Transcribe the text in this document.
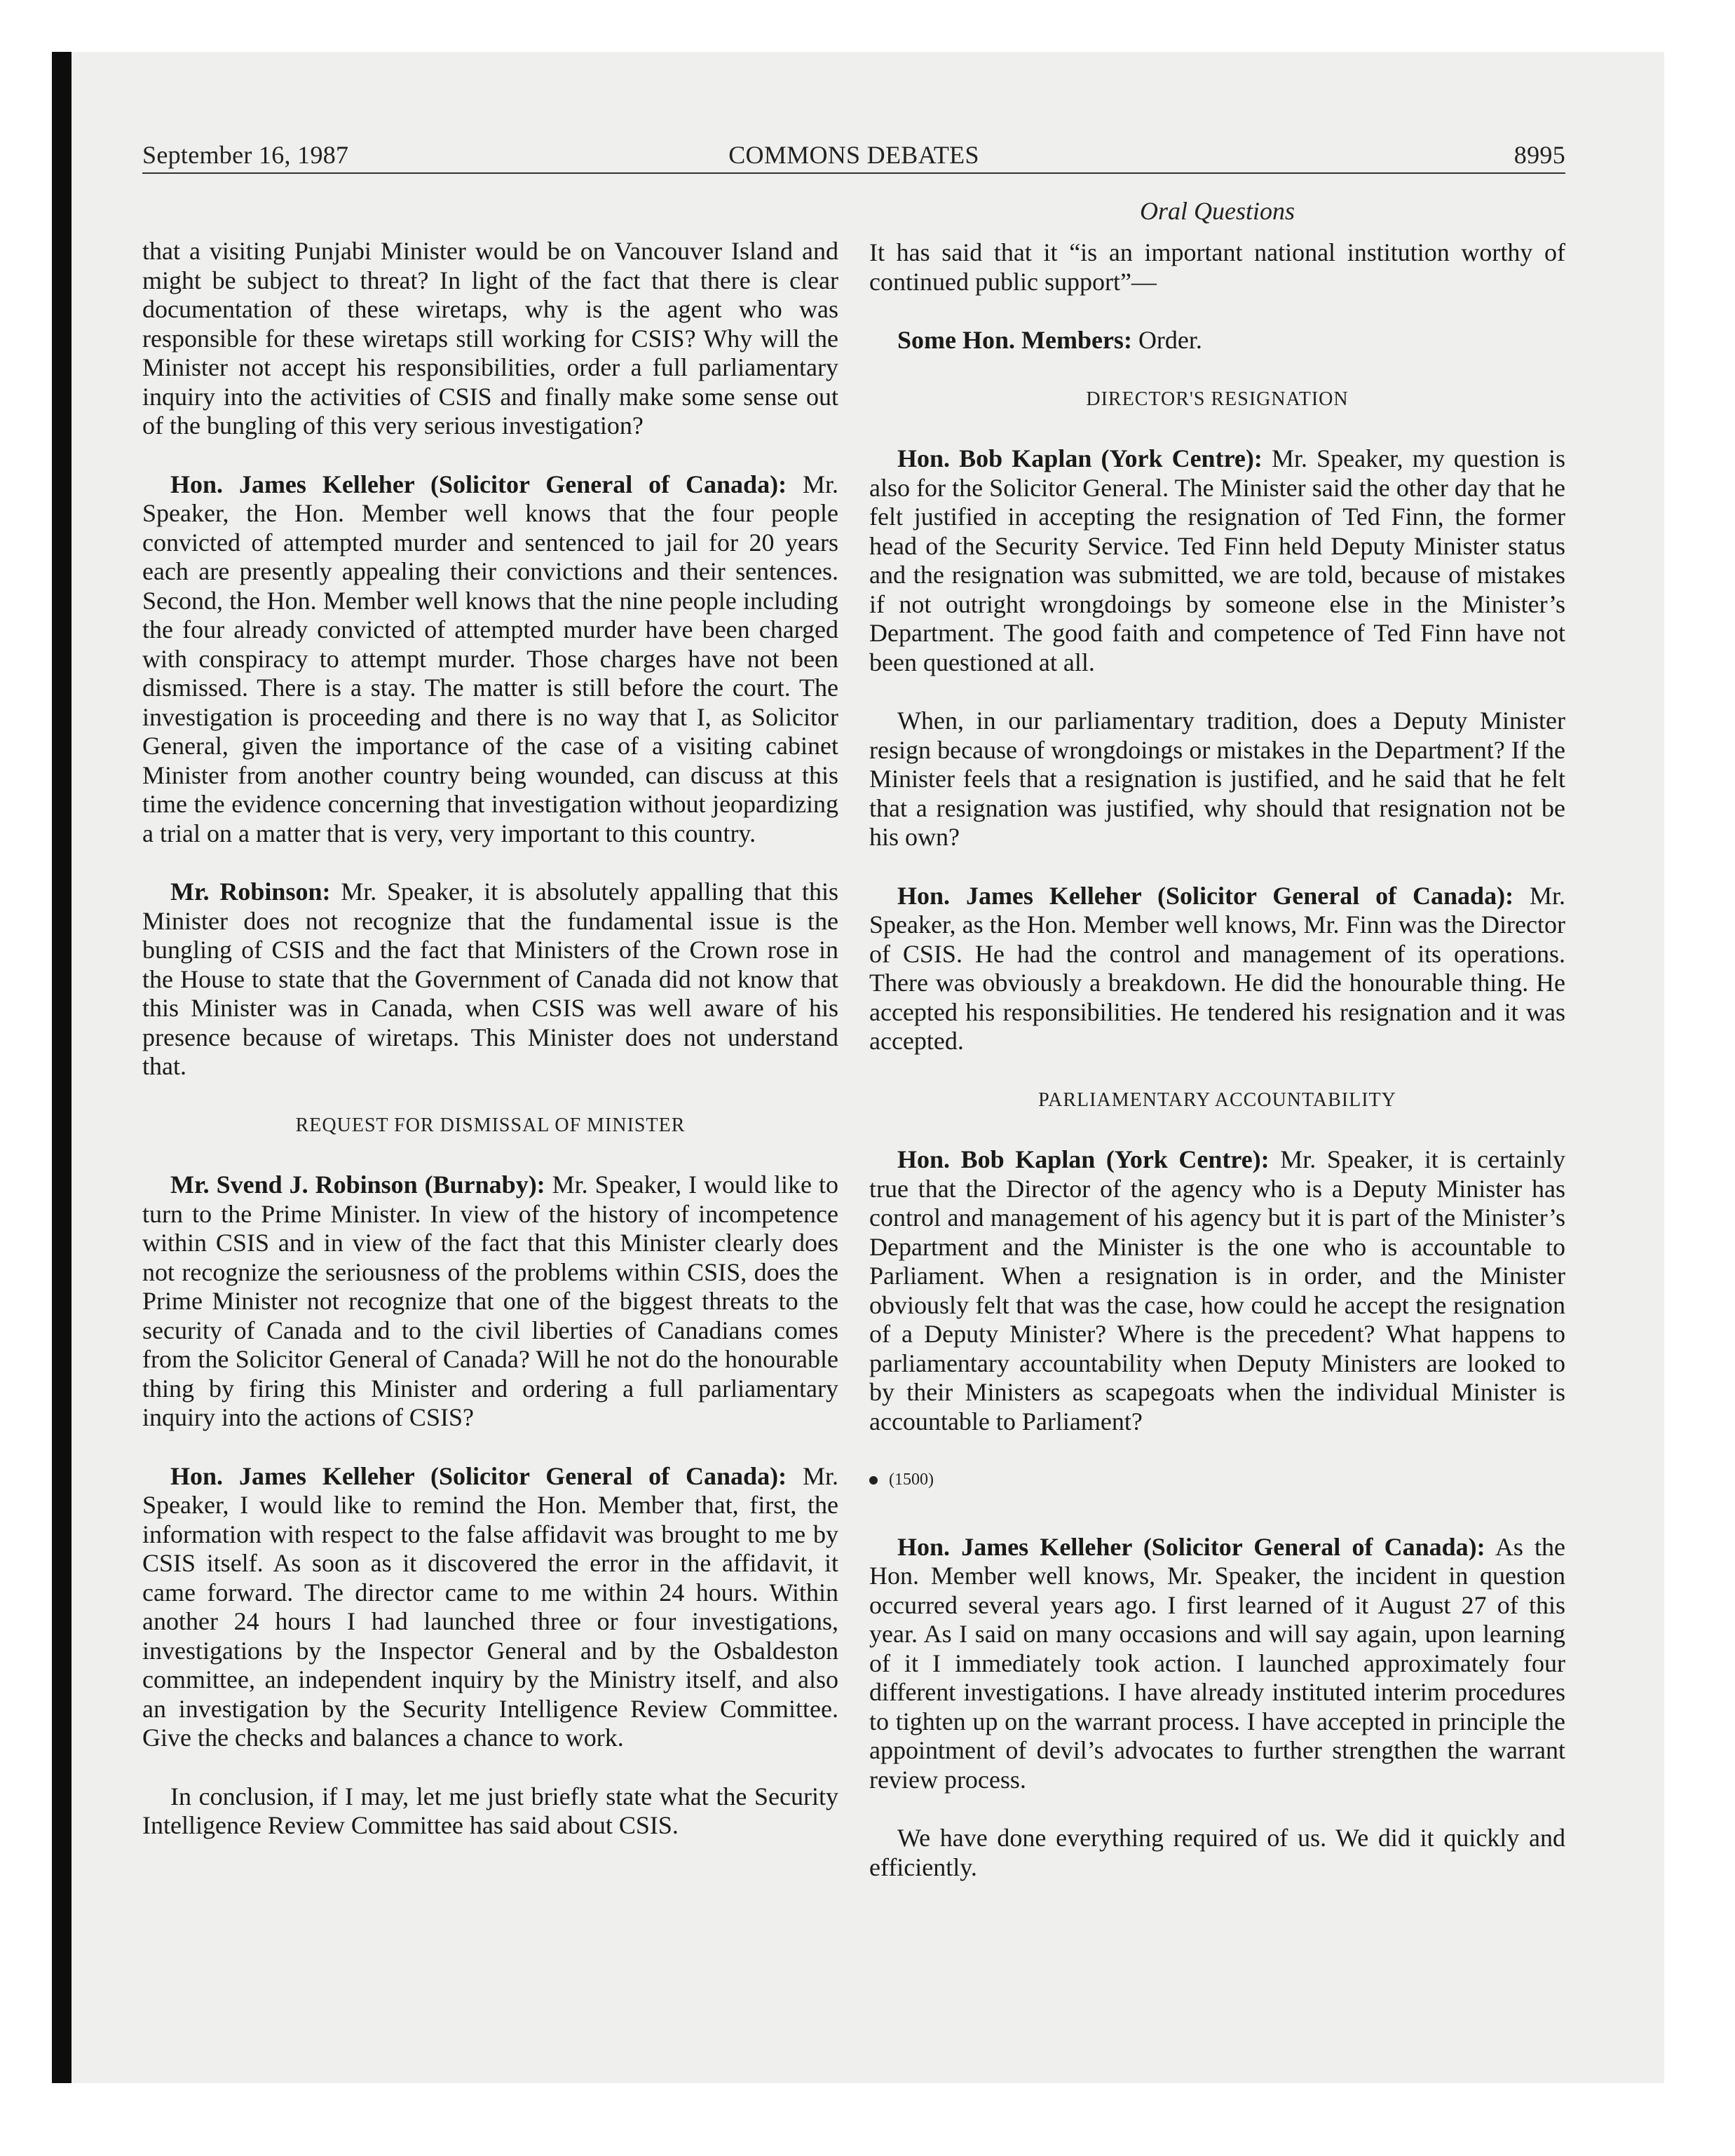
September 16, 1987	COMMONS DEBATES	8995
Oral Questions

that a visiting Punjabi Minister would be on Vancouver Island and might be subject to threat? In light of the fact that there is clear documentation of these wiretaps, why is the agent who was responsible for these wiretaps still working for CSIS? Why will the Minister not accept his responsibilities, order a full parliamentary inquiry into the activities of CSIS and finally make some sense out of the bungling of this very serious investigation?

Hon. James Kelleher (Solicitor General of Canada): Mr. Speaker, the Hon. Member well knows that the four people convicted of attempted murder and sentenced to jail for 20 years each are presently appealing their convictions and their sentences. Second, the Hon. Member well knows that the nine people including the four already convicted of attempted murder have been charged with conspiracy to attempt murder. Those charges have not been dismissed. There is a stay. The matter is still before the court. The investigation is proceeding and there is no way that I, as Solicitor General, given the importance of the case of a visiting cabinet Minister from another country being wounded, can discuss at this time the evidence concerning that investigation without jeopardizing a trial on a matter that is very, very important to this country.

Mr. Robinson: Mr. Speaker, it is absolutely appalling that this Minister does not recognize that the fundamental issue is the bungling of CSIS and the fact that Ministers of the Crown rose in the House to state that the Government of Canada did not know that this Minister was in Canada, when CSIS was well aware of his presence because of wiretaps. This Minister does not understand that.

REQUEST FOR DISMISSAL OF MINISTER

Mr. Svend J. Robinson (Burnaby): Mr. Speaker, I would like to turn to the Prime Minister. In view of the history of incompetence within CSIS and in view of the fact that this Minister clearly does not recognize the seriousness of the problems within CSIS, does the Prime Minister not recognize that one of the biggest threats to the security of Canada and to the civil liberties of Canadians comes from the Solicitor General of Canada? Will he not do the honourable thing by firing this Minister and ordering a full parliamentary inquiry into the actions of CSIS?

Hon. James Kelleher (Solicitor General of Canada): Mr. Speaker, I would like to remind the Hon. Member that, first, the information with respect to the false affidavit was brought to me by CSIS itself. As soon as it discovered the error in the affidavit, it came forward. The director came to me within 24 hours. Within another 24 hours I had launched three or four investigations, investigations by the Inspector General and by the Osbaldeston committee, an independent inquiry by the Ministry itself, and also an investigation by the Security Intelligence Review Committee. Give the checks and balances a chance to work.

In conclusion, if I may, let me just briefly state what the Security Intelligence Review Committee has said about CSIS.

It has said that it “is an important national institution worthy of continued public support”—

Some Hon. Members: Order.

DIRECTOR'S RESIGNATION

Hon. Bob Kaplan (York Centre): Mr. Speaker, my question is also for the Solicitor General. The Minister said the other day that he felt justified in accepting the resignation of Ted Finn, the former head of the Security Service. Ted Finn held Deputy Minister status and the resignation was submitted, we are told, because of mistakes if not outright wrongdoings by someone else in the Minister’s Department. The good faith and competence of Ted Finn have not been questioned at all.

When, in our parliamentary tradition, does a Deputy Minister resign because of wrongdoings or mistakes in the Department? If the Minister feels that a resignation is justified, and he said that he felt that a resignation was justified, why should that resignation not be his own?

Hon. James Kelleher (Solicitor General of Canada): Mr. Speaker, as the Hon. Member well knows, Mr. Finn was the Director of CSIS. He had the control and management of its operations. There was obviously a breakdown. He did the honourable thing. He accepted his responsibilities. He tendered his resignation and it was accepted.

PARLIAMENTARY ACCOUNTABILITY

Hon. Bob Kaplan (York Centre): Mr. Speaker, it is certainly true that the Director of the agency who is a Deputy Minister has control and management of his agency but it is part of the Minister’s Department and the Minister is the one who is accountable to Parliament. When a resignation is in order, and the Minister obviously felt that was the case, how could he accept the resignation of a Deputy Minister? Where is the precedent? What happens to parliamentary accountability when Deputy Ministers are looked to by their Ministers as scapegoats when the individual Minister is accountable to Parliament?

(1500)

Hon. James Kelleher (Solicitor General of Canada): As the Hon. Member well knows, Mr. Speaker, the incident in question occurred several years ago. I first learned of it August 27 of this year. As I said on many occasions and will say again, upon learning of it I immediately took action. I launched approximately four different investigations. I have already instituted interim procedures to tighten up on the warrant process. I have accepted in principle the appointment of devil’s advocates to further strengthen the warrant review process.

We have done everything required of us. We did it quickly and efficiently.
